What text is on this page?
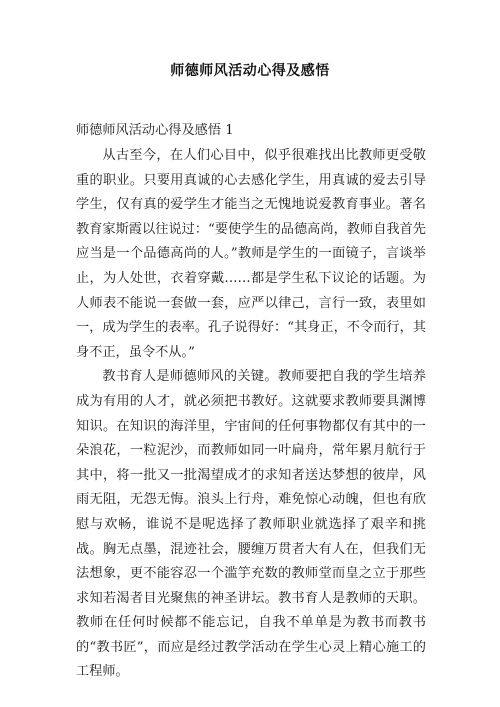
师德师风活动心得及感悟
师德师风活动心得及感悟 1

从古至今，在人们心目中，似乎很难找出比教师更受敬重的职业。只要用真诚的心去感化学生，用真诚的爱去引导学生，仅有真的爱学生才能当之无愧地说爱教育事业。著名教育家斯霞以往说过：“要使学生的品德高尚，教师自我首先应当是一个品德高尚的人。”教师是学生的一面镜子，言谈举止，为人处世，衣着穿戴……都是学生私下议论的话题。为人师表不能说一套做一套，应严以律己，言行一致，表里如一，成为学生的表率。孔子说得好：“其身正，不令而行，其身不正，虽令不从。”

教书育人是师德师风的关键。教师要把自我的学生培养成为有用的人才，就必须把书教好。这就要求教师要具渊博知识。在知识的海洋里，宇宙间的任何事物都仅有其中的一朵浪花，一粒泥沙，而教师如同一叶扁舟，常年累月航行于其中，将一批又一批渴望成才的求知者送达梦想的彼岸，风雨无阻，无怨无悔。浪头上行舟，难免惊心动魄，但也有欣慰与欢畅，谁说不是呢选择了教师职业就选择了艰辛和挑战。胸无点墨，混迹社会，腰缠万贯者大有人在，但我们无法想象，更不能容忍一个滥竽充数的教师堂而皇之立于那些求知若渴者目光聚焦的神圣讲坛。教书育人是教师的天职。教师在任何时候都不能忘记，自我不单单是为教书而教书的“教书匠”，而应是经过教学活动在学生心灵上精心施工的工程师。
